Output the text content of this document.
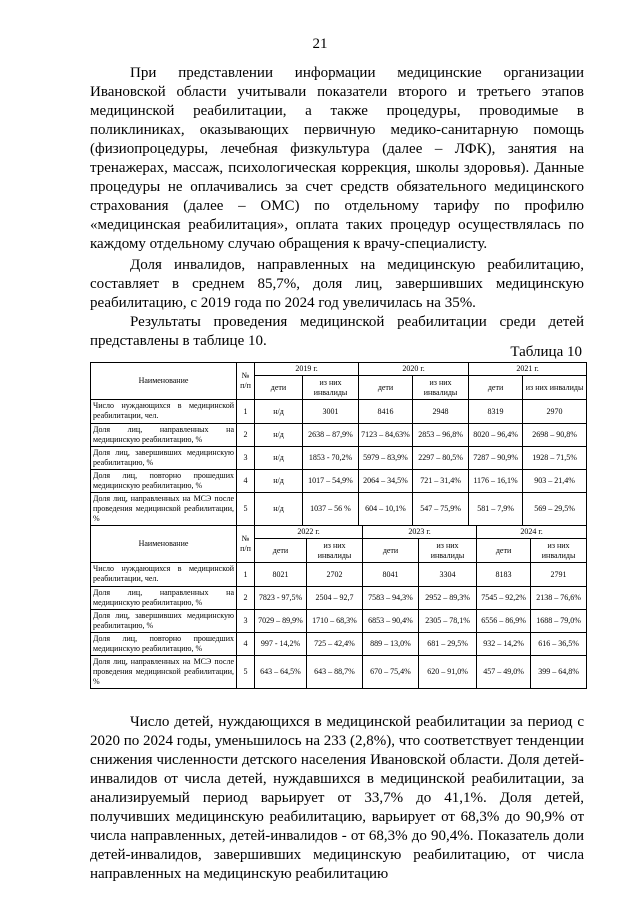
21

При представлении информации медицинские организации Ивановской области учитывали показатели второго и третьего этапов медицинской реабилитации, а также процедуры, проводимые в поликлиниках, оказывающих первичную медико-санитарную помощь (физиопроцедуры, лечебная физкультура (далее – ЛФК), занятия на тренажерах, массаж, психологическая коррекция, школы здоровья). Данные процедуры не оплачивались за счет средств обязательного медицинского страхования (далее – ОМС) по отдельному тарифу по профилю «медицинская реабилитация», оплата таких процедур осуществлялась по каждому отдельному случаю обращения к врачу-специалисту.

Доля инвалидов, направленных на медицинскую реабилитацию, составляет в среднем 85,7%, доля лиц, завершивших медицинскую реабилитацию, с 2019 года по 2024 год увеличилась на 35%.

Результаты проведения медицинской реабилитации среди детей представлены в таблице 10.

Таблица 10
Наименование	№ п/п	2019 г.		2020 г.		2021 г.	
		дети	из них инвалиды	дети	из них инвалиды	дети	из них инвалиды
Число нуждающихся в медицинской реабилитации, чел.	1	н/д	3001	8416	2948	8319	2970
Доля лиц, направленных на медицинскую реабилитацию, %	2	н/д	2638 – 87,9%	7123 – 84,63%	2853 – 96,8%	8020 – 96,4%	2698 – 90,8%
Доля лиц, завершивших медицинскую реабилитацию, %	3	н/д	1853 - 70,2%	5979 – 83,9%	2297 – 80,5%	7287 – 90,9%	1928 – 71,5%
Доля лиц, повторно прошедших медицинскую реабилитацию, %	4	н/д	1017 – 54,9%	2064 – 34,5%	721 – 31,4%	1176 – 16,1%	903 – 21,4%
Доля лиц, направленных на МСЭ после проведения медицинской реабилитации, %	5	н/д	1037 – 56 %	604 – 10,1%	547 – 75,9%	581 – 7,9%	569 – 29,5%
Наименование	№ п/п	2022 г.		2023 г.		2024 г.	
		дети	из них инвалиды	дети	из них инвалиды	дети	из них инвалиды
Число нуждающихся в медицинской реабилитации, чел.	1	8021	2702	8041	3304	8183	2791
Доля лиц, направленных на медицинскую реабилитацию, %	2	7823 - 97,5%	2504 – 92,7	7583 – 94,3%	2952 – 89,3%	7545 – 92,2%	2138 – 76,6%
Доля лиц, завершивших медицинскую реабилитацию, %	3	7029 – 89,9%	1710 – 68,3%	6853 – 90,4%	2305 – 78,1%	6556 – 86,9%	1688 – 79,0%
Доля лиц, повторно прошедших медицинскую реабилитацию, %	4	997 - 14,2%	725 – 42,4%	889 – 13,0%	681 – 29,5%	932 – 14,2%	616 – 36,5%
Доля лиц, направленных на МСЭ после проведения медицинской реабилитации, %	5	643 – 64,5%	643 – 88,7%	670 – 75,4%	620 – 91,0%	457 – 49,0%	399 – 64,8%

Число детей, нуждающихся в медицинской реабилитации за период с 2020 по 2024 годы, уменьшилось на 233 (2,8%), что соответствует тенденции снижения численности детского населения Ивановской области. Доля детей-инвалидов от числа детей, нуждавшихся в медицинской реабилитации, за анализируемый период варьирует от 33,7% до 41,1%. Доля детей, получивших медицинскую реабилитацию, варьирует от 68,3% до 90,9% от числа направленных, детей-инвалидов - от 68,3% до 90,4%. Показатель доли детей-инвалидов, завершивших медицинскую реабилитацию, от числа направленных на медицинскую реабилитацию
